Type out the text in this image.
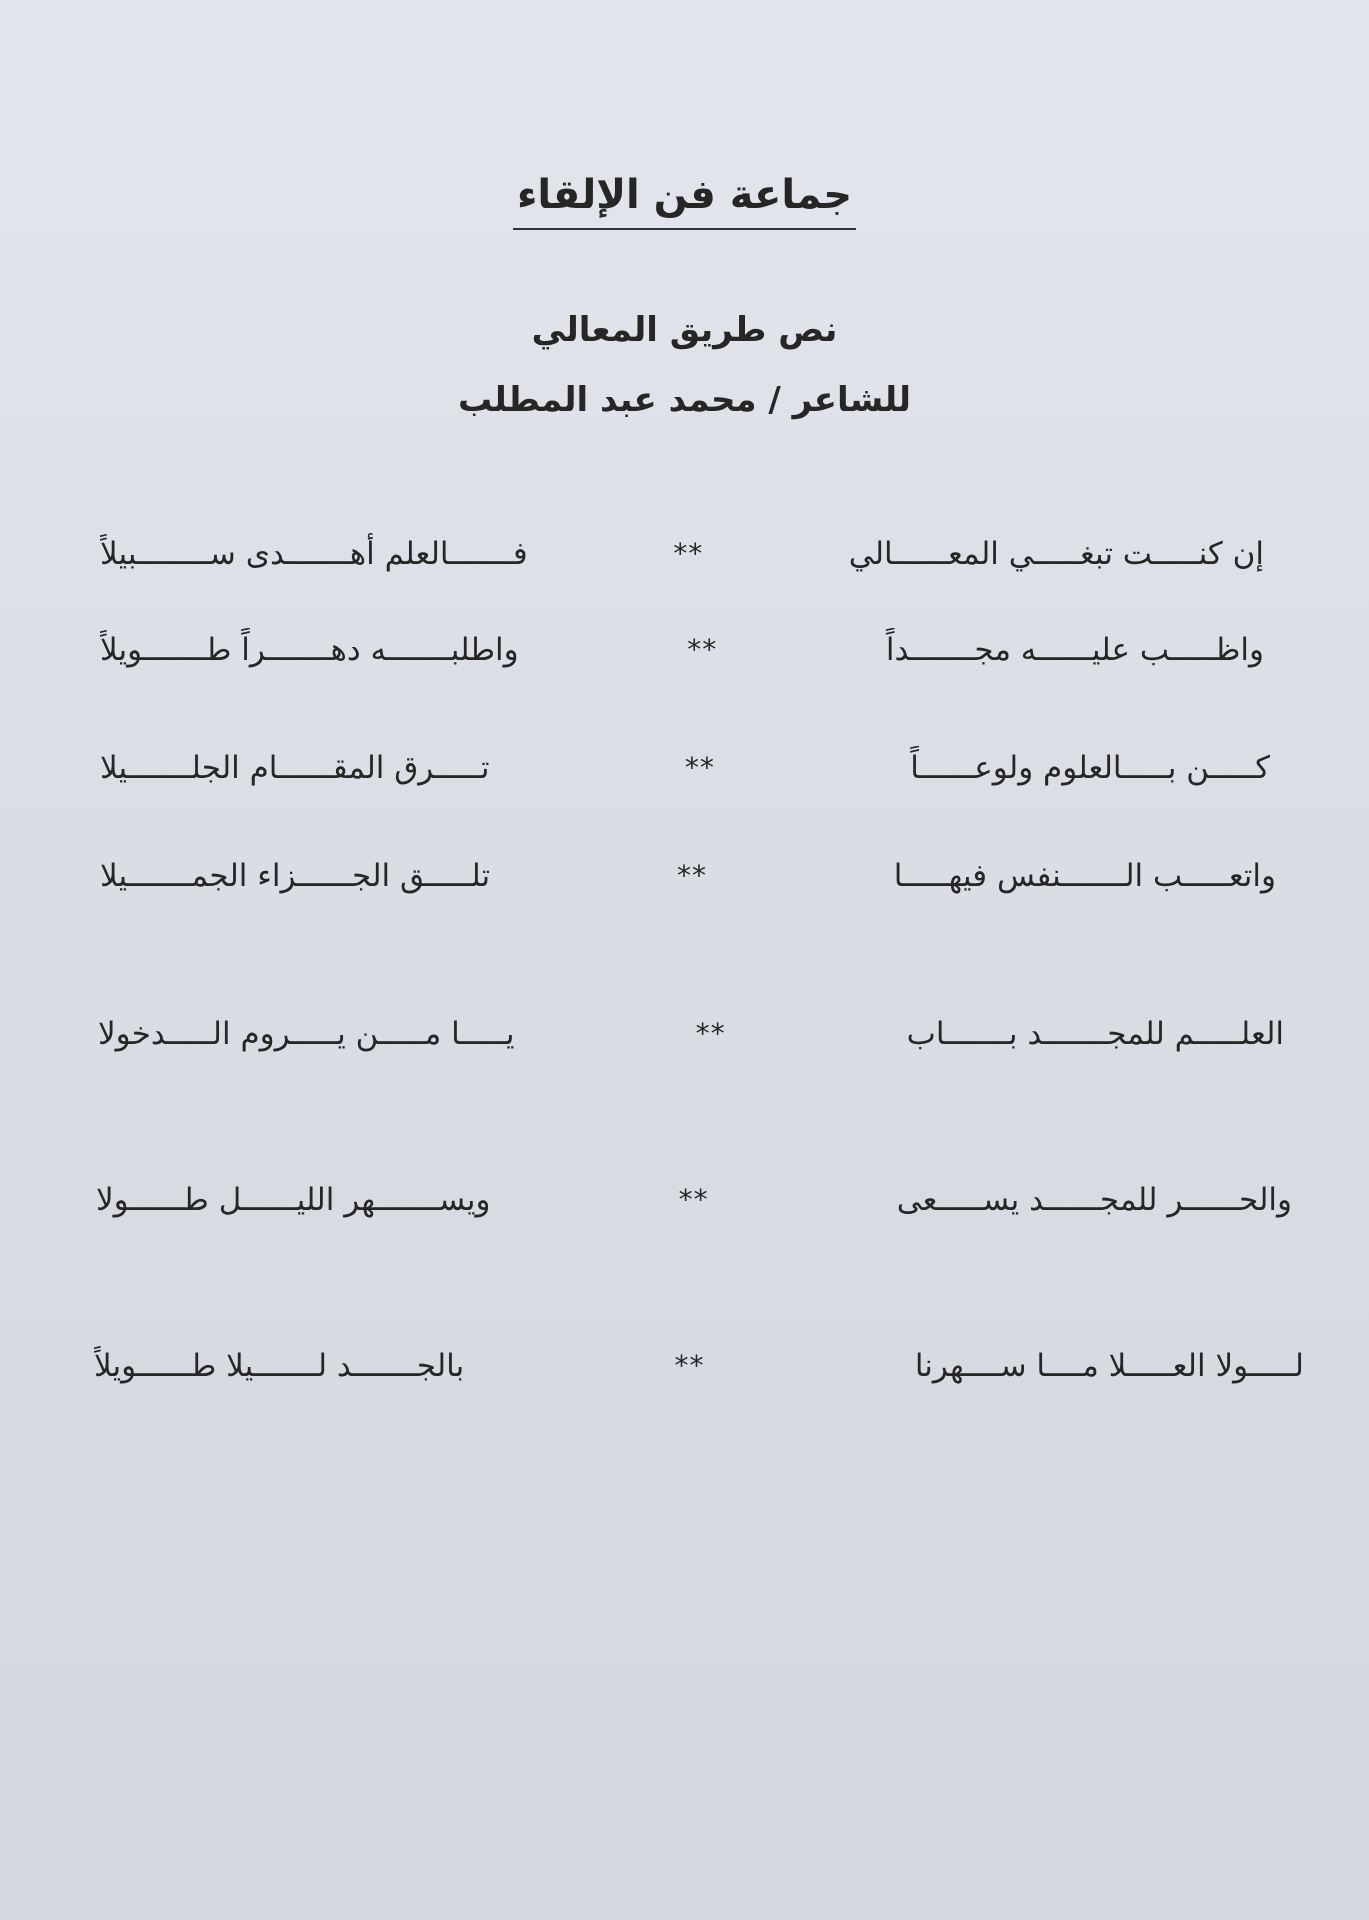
جماعة فن الإلقاء
نص طريق المعالي
للشاعر / محمد عبد المطلب
إن كنـــــت تبغـــــي المعــــــالي
**
فـــــــالعلم أهـــــــدى ســــــــبيلاً
واظـــــب عليــــــه مجـــــــداً
**
واطلبـــــــه دهـــــــراً طـــــــويلاً
كـــــن بـــــالعلوم ولوعــــــاً
**
تـــــرق المقــــــام الجلـــــــيلا
واتعـــــب الـــــــنفس فيهـــــا
**
تلـــــق الجــــــزاء الجمـــــــيلا
العلـــــم للمجـــــــد بـــــــاب
**
يـــــا مـــــن يـــــروم الـــــدخولا
والحــــــر للمجــــــد يســـــعى
**
ويســـــــهر الليــــــل طــــــولا
لـــــولا العـــــلا مــــا ســــهرنا
**
بالجـــــــد لـــــــيلا طــــــويلاً
